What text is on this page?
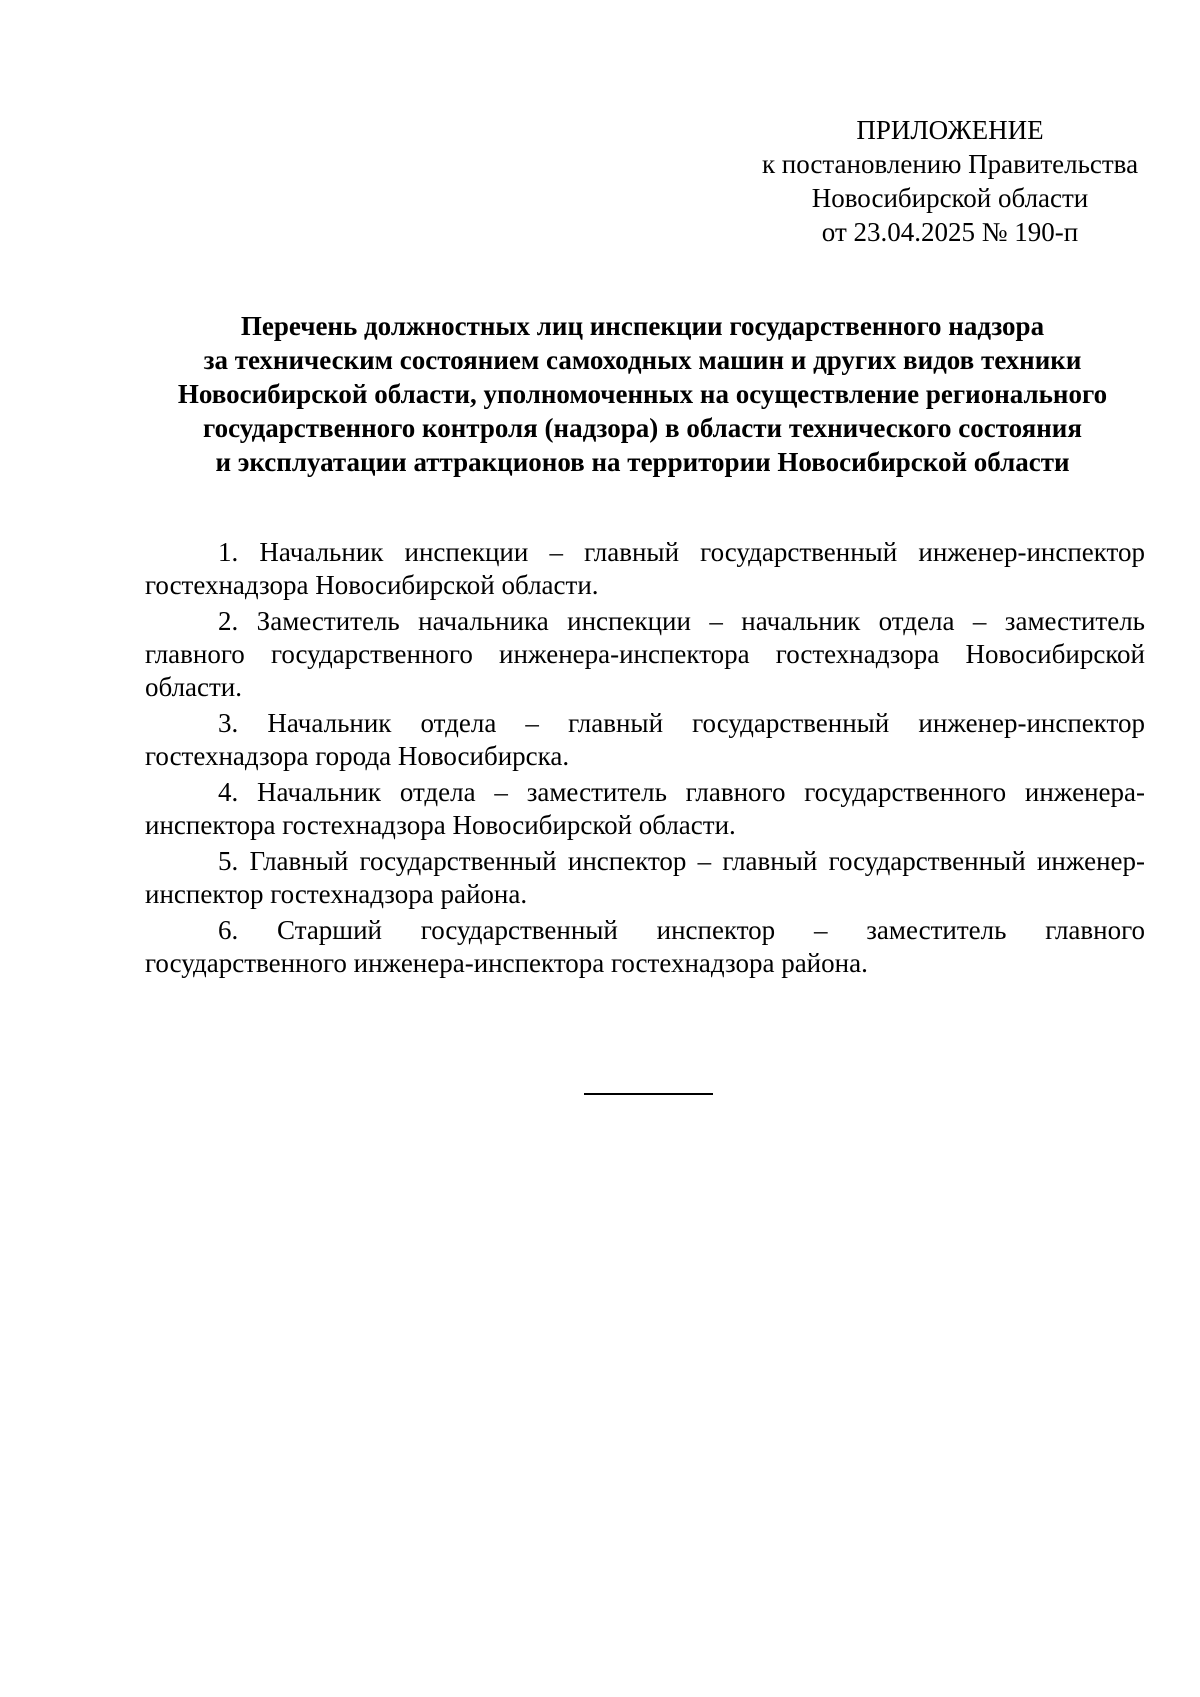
ПРИЛОЖЕНИЕ
к постановлению Правительства
Новосибирской области
от 23.04.2025 № 190-п
Перечень должностных лиц инспекции государственного надзора
за техническим состоянием самоходных машин и других видов техники
Новосибирской области, уполномоченных на осуществление регионального
государственного контроля (надзора) в области технического состояния
и эксплуатации аттракционов на территории Новосибирской области

1. Начальник инспекции – главный государственный инженер-инспектор гостехнадзора Новосибирской области.

2. Заместитель начальника инспекции – начальник отдела – заместитель главного государственного инженера-инспектора гостехнадзора Новосибирской области.

3. Начальник отдела – главный государственный инженер-инспектор гостехнадзора города Новосибирска.

4. Начальник отдела – заместитель главного государственного инженера-инспектора гостехнадзора Новосибирской области.

5. Главный государственный инспектор – главный государственный инженер-инспектор гостехнадзора района.

6. Старший государственный инспектор – заместитель главного государственного инженера-инспектора гостехнадзора района.
